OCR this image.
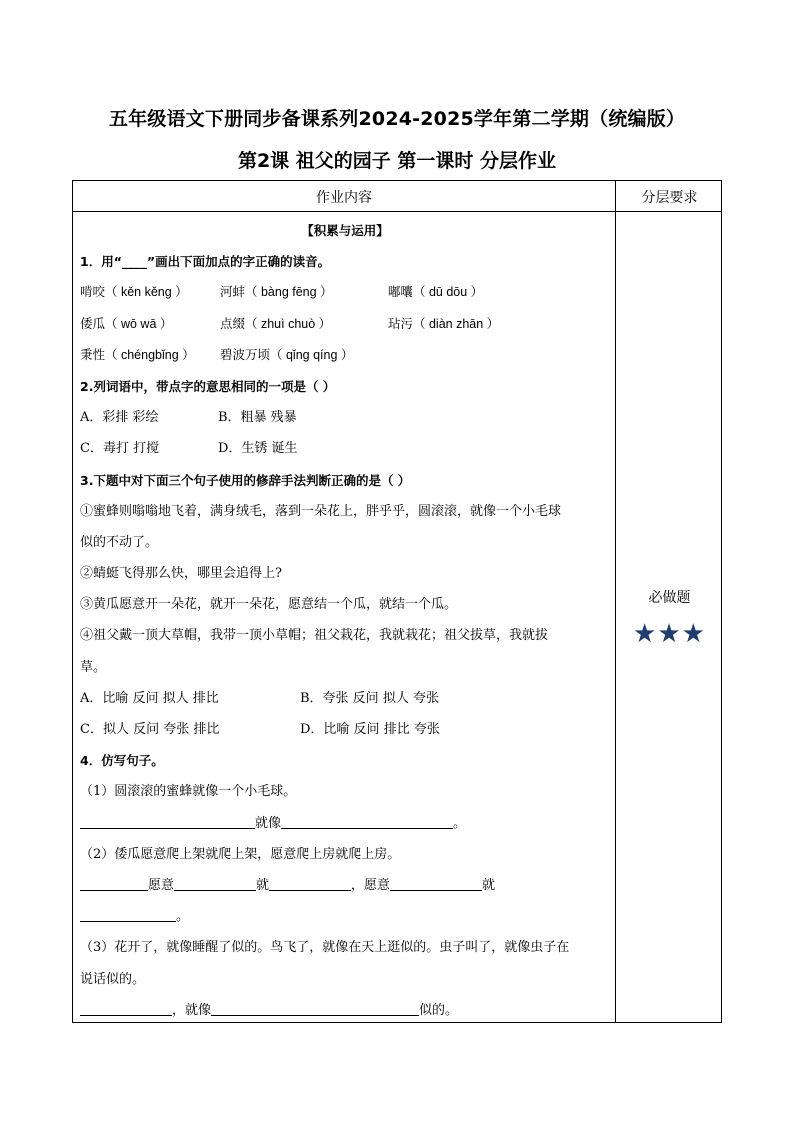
五年级语文下册同步备课系列2024-2025学年第二学期（统编版）
第2课 祖父的园子 第一课时 分层作业
作业内容	分层要求
【积累与运用】
1．用“____”画出下面加点的字正确的读音。
啃咬（ kěn kěng ）	河蚌（ bàng fēng ）	嘟囔（ dū dōu ）
倭瓜（ wō wā ）	点缀（ zhuì chuò ）	玷污（ diàn zhān ）
秉性（ chéngbǐng ） 碧波万顷（ qǐng qíng ）
2.列词语中，带点字的意思相同的一项是（ ）
A．彩排 彩绘	B．粗暴 残暴
C．毒打 打搅	D．生锈 诞生
3.下题中对下面三个句子使用的修辞手法判断正确的是（ ）
①蜜蜂则嗡嗡地飞着，满身绒毛，落到一朵花上，胖乎乎，圆滚滚，就像一个小毛球
似的不动了。
②蜻蜓飞得那么快，哪里会追得上?
③黄瓜愿意开一朵花，就开一朵花，愿意结一个瓜，就结一个瓜。
④祖父戴一顶大草帽，我带一顶小草帽；祖父栽花，我就栽花；祖父拔草，我就拔
草。
A．比喻 反问 拟人 排比	B．夸张 反问 拟人 夸张
C．拟人 反问 夸张 排比	D．比喻 反问 排比 夸张
4．仿写句子。
（1）圆滚滚的蜜蜂就像一个小毛球。
就像	。
（2）倭瓜愿意爬上架就爬上架，愿意爬上房就爬上房。
愿意	就	，愿意	就
。
（3）花开了，就像睡醒了似的。鸟飞了，就像在天上逛似的。虫子叫了，就像虫子在
说话似的。
，就像	似的。
必做题
★★★
